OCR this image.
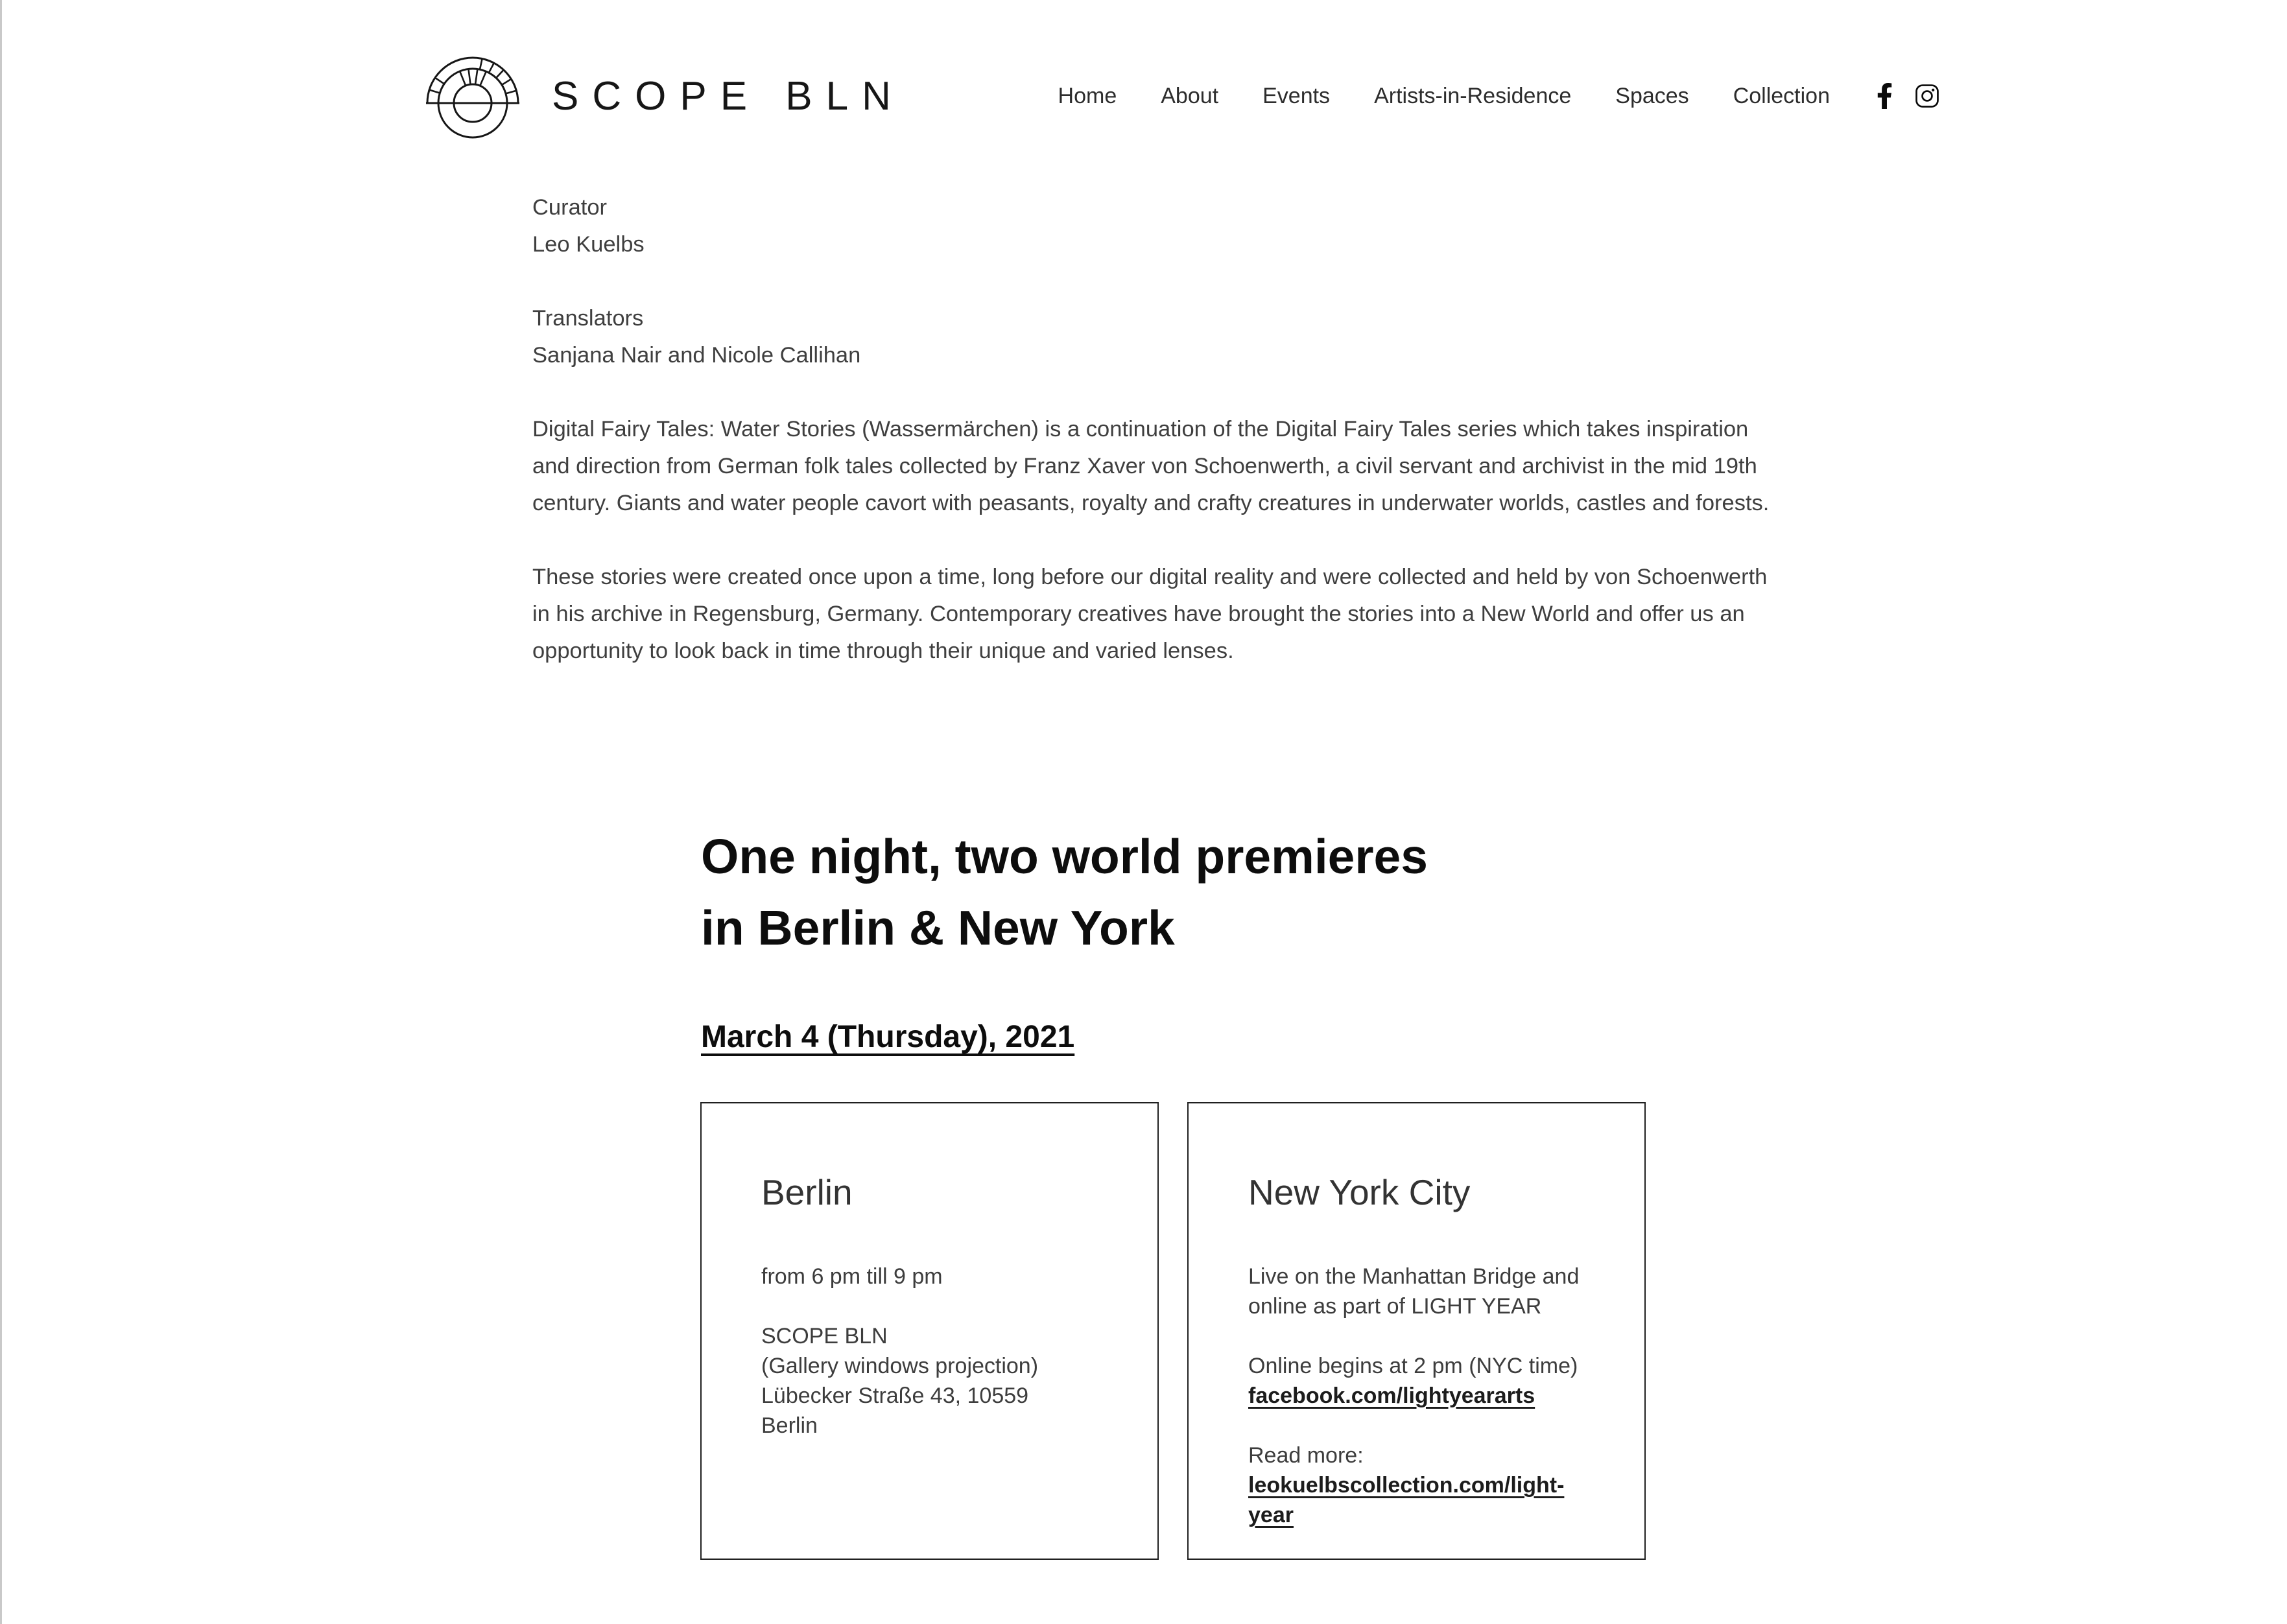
SCOPE BLN	Home About Events Artists-in-Residence Spaces Collection
Curator
Leo Kuelbs
Translators
Sanjana Nair and Nicole Callihan
Digital Fairy Tales: Water Stories (Wassermärchen) is a continuation of the Digital Fairy Tales series which takes inspiration and direction from German folk tales collected by Franz Xaver von Schoenwerth, a civil servant and archivist in the mid 19th century. Giants and water people cavort with peasants, royalty and crafty creatures in underwater worlds, castles and forests.
These stories were created once upon a time, long before our digital reality and were collected and held by von Schoenwerth in his archive in Regensburg, Germany. Contemporary creatives have brought the stories into a New World and offer us an opportunity to look back in time through their unique and varied lenses.
One night, two world premieres
in Berlin & New York
March 4 (Thursday), 2021
Berlin
from 6 pm till 9 pm
SCOPE BLN
(Gallery windows projection)
Lübecker Straße 43, 10559
Berlin
New York City
Live on the Manhattan Bridge and online as part of LIGHT YEAR
Online begins at 2 pm (NYC time)
facebook.com/lightyeararts
Read more:
leokuelbscollection.com/light-year
